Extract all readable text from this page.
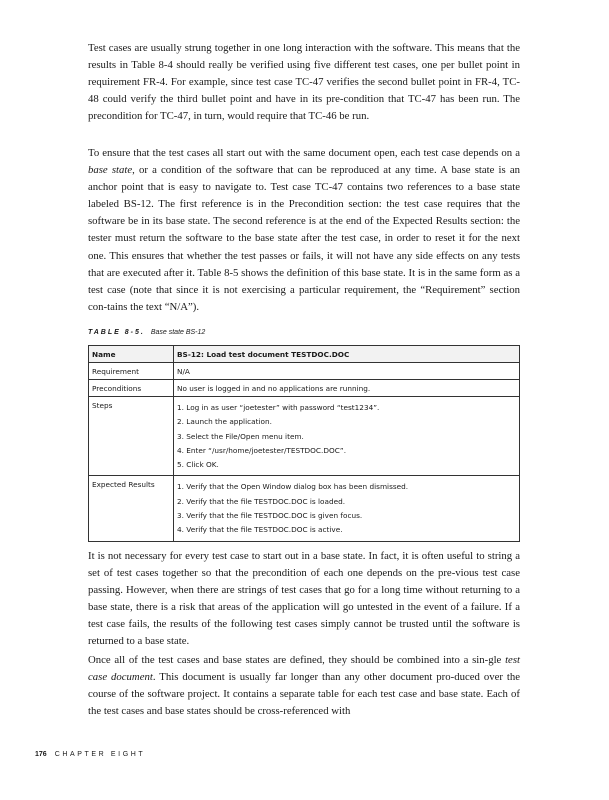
Test cases are usually strung together in one long interaction with the software. This means that the results in Table 8-4 should really be verified using five different test cases, one per bullet point in requirement FR-4. For example, since test case TC-47 verifies the second bullet point in FR-4, TC-48 could verify the third bullet point and have in its pre-condition that TC-47 has been run. The precondition for TC-47, in turn, would require that TC-46 be run.

To ensure that the test cases all start out with the same document open, each test case depends on a base state, or a condition of the software that can be reproduced at any time. A base state is an anchor point that is easy to navigate to. Test case TC-47 contains two references to a base state labeled BS-12. The first reference is in the Precondition section: the test case requires that the software be in its base state. The second reference is at the end of the Expected Results section: the tester must return the software to the base state after the test case, in order to reset it for the next one. This ensures that whether the test passes or fails, it will not have any side effects on any tests that are executed after it. Table 8-5 shows the definition of this base state. It is in the same form as a test case (note that since it is not exercising a particular requirement, the “Requirement” section con-tains the text “N/A”).

TABLE 8-5. Base state BS-12
Name	BS-12: Load test document TESTDOC.DOC
Requirement	N/A
Preconditions	No user is logged in and no applications are running.
Steps	1. Log in as user “joetester” with password “test1234”.
2. Launch the application.
3. Select the File/Open menu item.
4. Enter “/usr/home/joetester/TESTDOC.DOC”.
5. Click OK.

Expected Results	1. Verify that the Open Window dialog box has been dismissed.
2. Verify that the file TESTDOC.DOC is loaded.
3. Verify that the file TESTDOC.DOC is given focus.
4. Verify that the file TESTDOC.DOC is active.

It is not necessary for every test case to start out in a base state. In fact, it is often useful to string a set of test cases together so that the precondition of each one depends on the pre-vious test case passing. However, when there are strings of test cases that go for a long time without returning to a base state, there is a risk that areas of the application will go untested in the event of a failure. If a test case fails, the results of the following test cases simply cannot be trusted until the software is returned to a base state.

Once all of the test cases and base states are defined, they should be combined into a sin-gle test case document. This document is usually far longer than any other document pro-duced over the course of the software project. It contains a separate table for each test case and base state. Each of the test cases and base states should be cross-referenced with

176 CHAPTER EIGHT
